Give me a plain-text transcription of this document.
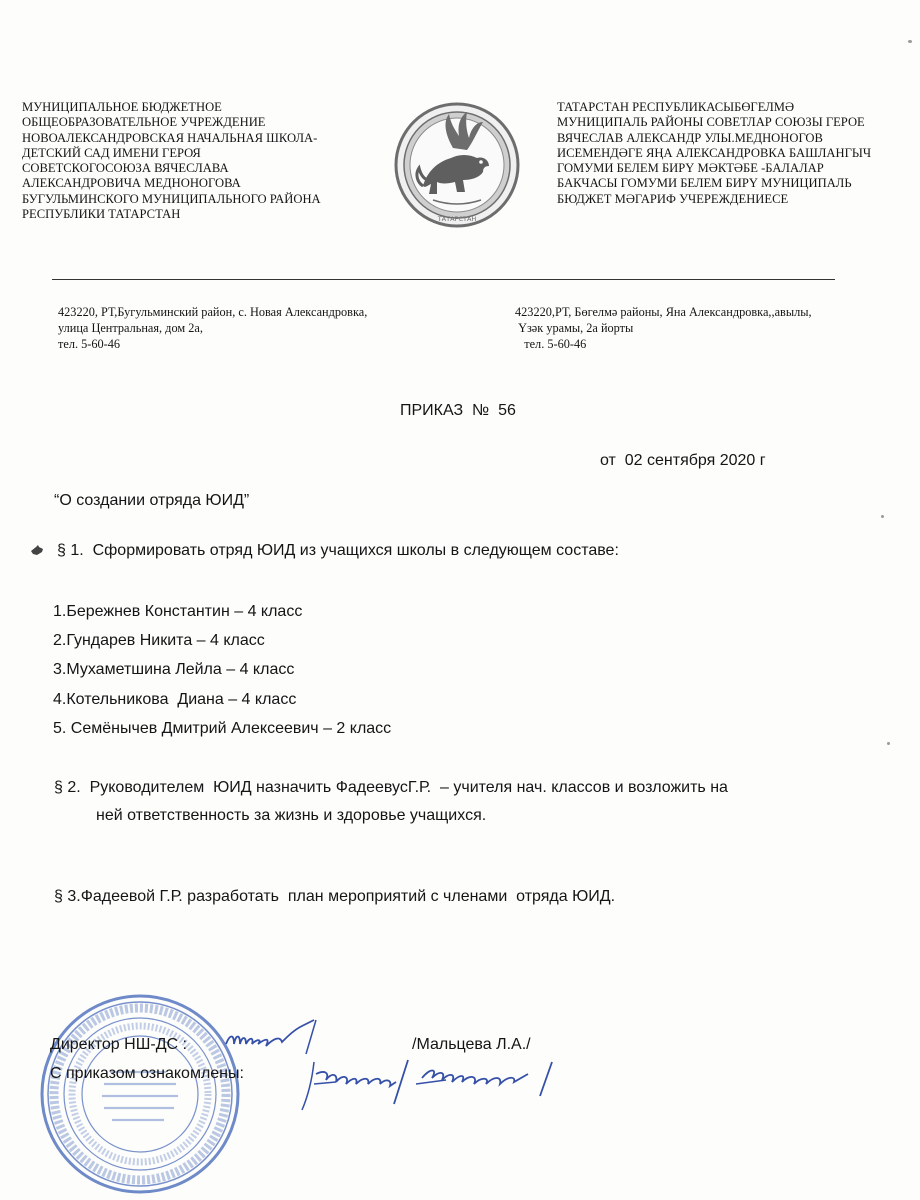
МУНИЦИПАЛЬНОЕ БЮДЖЕТНОЕ
ОБЩЕОБРАЗОВАТЕЛЬНОЕ УЧРЕЖДЕНИЕ
НОВОАЛЕКСАНДРОВСКАЯ НАЧАЛЬНАЯ ШКОЛА-
ДЕТСКИЙ САД ИМЕНИ ГЕРОЯ
СОВЕТСКОГОСОЮЗА ВЯЧЕСЛАВА
АЛЕКСАНДРОВИЧА МЕДНОНОГОВА
БУГУЛЬМИНСКОГО МУНИЦИПАЛЬНОГО РАЙОНА
РЕСПУБЛИКИ ТАТАРСТАН	ТАТАРСТАН
ТАТАРСТАН РЕСПУБЛИКАСЫБӨГЕЛМӘ
МУНИЦИПАЛЬ РАЙОНЫ СОВЕТЛАР СОЮЗЫ ГЕРОЕ
ВЯЧЕСЛАВ АЛЕКСАНДР УЛЫ.МЕДНОНОГОВ
ИСЕМЕНДӘГЕ ЯҢА АЛЕКСАНДРОВКА БАШЛАНГЫЧ
ГОМУМИ БЕЛЕМ БИРҮ МӘКТӘБЕ -БАЛАЛАР
БАКЧАСЫ ГОМУМИ БЕЛЕМ БИРҮ МУНИЦИПАЛЬ
БЮДЖЕТ МӘГАРИФ УЧЕРЕЖДЕНИЕСЕ
423220, РТ,Бугульминский район, с. Новая Александровка,
улица Центральная, дом 2а,
тел. 5-60-46
423220,РТ, Бөгелмә районы, Яна Александровка,,авылы,
Үзәк урамы, 2а йорты
тел. 5-60-46
ПРИКАЗ  №  56
от  02 сентября 2020 г
“О создании отряда ЮИД”
§ 1.  Сформировать отряд ЮИД из учащихся школы в следующем составе:
1.Бережнев Константин – 4 класс
2.Гундарев Никита – 4 класс
3.Мухаметшина Лейла – 4 класс
4.Котельникова  Диана – 4 класс
5. Семёнычев Дмитрий Алексеевич – 2 класс
§ 2.  Руководителем  ЮИД назначить ФадеевусГ.Р.  – учителя нач. классов и возложить на
ней ответственность за жизнь и здоровье учащихся.
§ 3.Фадеевой Г.Р. разработать  план мероприятий с членами  отряда ЮИД.
Директор НШ-ДС :	/Мальцева Л.А./
С приказом ознакомлены:
